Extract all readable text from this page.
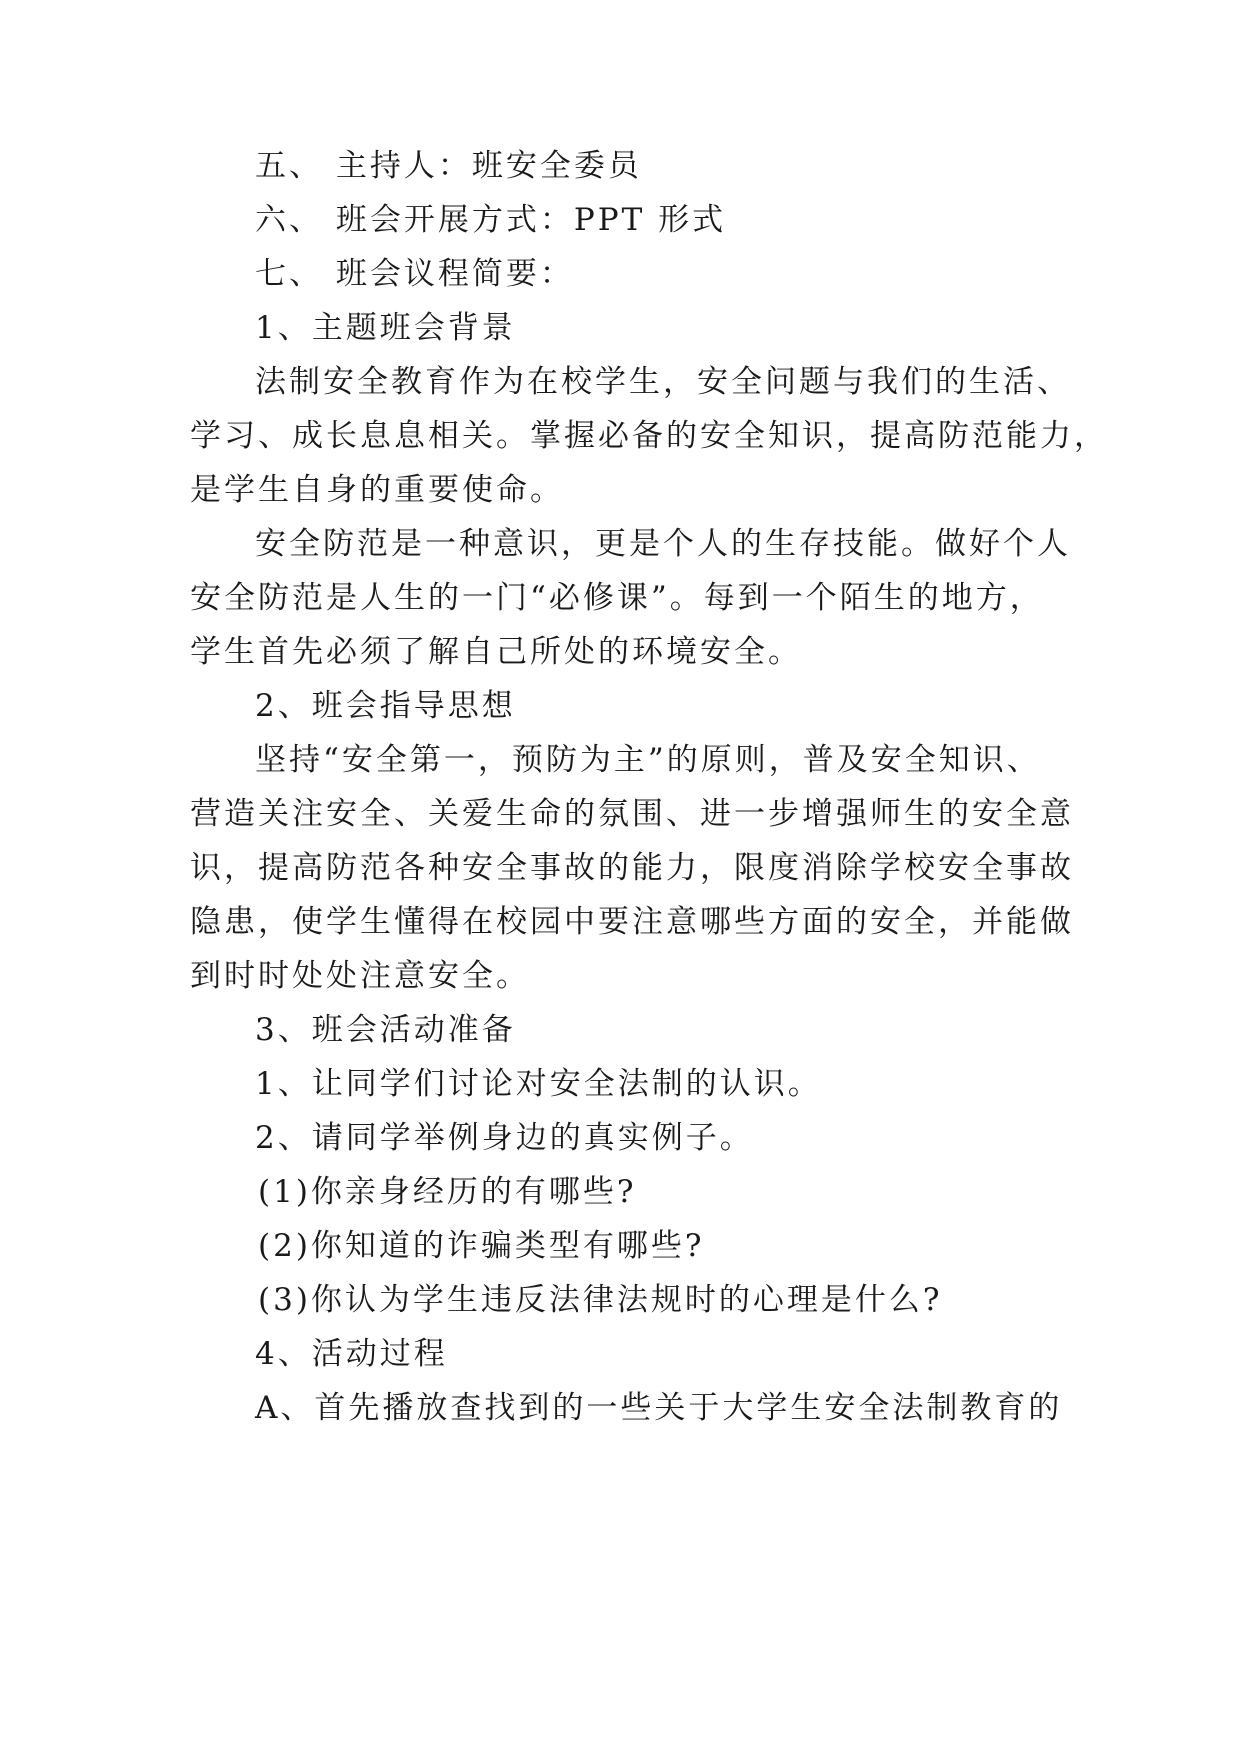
五、 主持人：班安全委员
六、 班会开展方式：PPT 形式
七、 班会议程简要：
1、主题班会背景
法制安全教育作为在校学生，安全问题与我们的生活、
学习、成长息息相关。掌握必备的安全知识，提高防范能力，
是学生自身的重要使命。
安全防范是一种意识，更是个人的生存技能。做好个人
安全防范是人生的一门“必修课”。每到一个陌生的地方，
学生首先必须了解自己所处的环境安全。
2、班会指导思想
坚持“安全第一，预防为主”的原则，普及安全知识、
营造关注安全、关爱生命的氛围、进一步增强师生的安全意
识，提高防范各种安全事故的能力，限度消除学校安全事故
隐患，使学生懂得在校园中要注意哪些方面的安全，并能做
到时时处处注意安全。
3、班会活动准备
1、让同学们讨论对安全法制的认识。
2、请同学举例身边的真实例子。
(1)你亲身经历的有哪些?
(2)你知道的诈骗类型有哪些?
(3)你认为学生违反法律法规时的心理是什么?
4、活动过程
A、首先播放查找到的一些关于大学生安全法制教育的
